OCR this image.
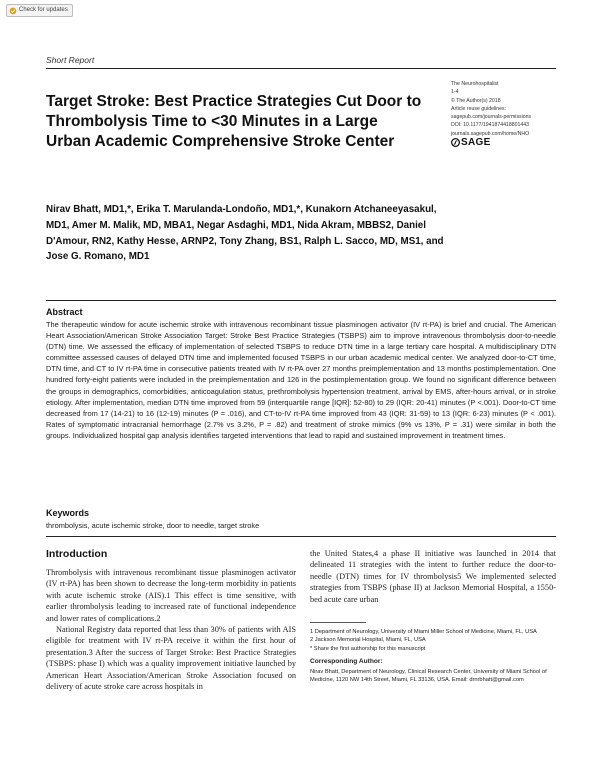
Check for updates
Short Report
The Neurohospitalist
1-4
© The Author(s) 2018
Article reuse guidelines:
sagepub.com/journals-permissions
DOI: 10.1177/1941874418801443
journals.sagepub.com/home/NHO
SAGE
Target Stroke: Best Practice Strategies Cut Door to Thrombolysis Time to <30 Minutes in a Large Urban Academic Comprehensive Stroke Center
Nirav Bhatt, MD1,*, Erika T. Marulanda-Londoño, MD1,*, Kunakorn Atchaneeyasakul, MD1, Amer M. Malik, MD, MBA1, Negar Asdaghi, MD1, Nida Akram, MBBS2, Daniel D'Amour, RN2, Kathy Hesse, ARNP2, Tony Zhang, BS1, Ralph L. Sacco, MD, MS1, and Jose G. Romano, MD1
Abstract

The therapeutic window for acute ischemic stroke with intravenous recombinant tissue plasminogen activator (IV rt-PA) is brief and crucial. The American Heart Association/American Stroke Association Target: Stroke Best Practice Strategies (TSBPS) aim to improve intravenous thrombolysis door-to-needle (DTN) time. We assessed the efficacy of implementation of selected TSBPS to reduce DTN time in a large tertiary care hospital. A multidisciplinary DTN committee assessed causes of delayed DTN time and implemented focused TSBPS in our urban academic medical center. We analyzed door-to-CT time, DTN time, and CT to IV rt-PA time in consecutive patients treated with IV rt-PA over 27 months preimplementation and 13 months postimplementation. One hundred forty-eight patients were included in the preimplementation and 126 in the postimplementation group. We found no significant difference between the groups in demographics, comorbidities, anticoagulation status, prethrombolysis hypertension treatment, arrival by EMS, after-hours arrival, or in stroke etiology. After implementation, median DTN time improved from 59 (interquartile range [IQR]: 52-80) to 29 (IQR: 20-41) minutes (P <.001). Door-to-CT time decreased from 17 (14-21) to 16 (12-19) minutes (P = .016), and CT-to-IV rt-PA time improved from 43 (IQR: 31-59) to 13 (IQR: 6-23) minutes (P < .001). Rates of symptomatic intracranial hemorrhage (2.7% vs 3.2%, P = .82) and treatment of stroke mimics (9% vs 13%, P = .31) were similar in both the groups. Individualized hospital gap analysis identifies targeted interventions that lead to rapid and sustained improvement in treatment times.

Keywords

thrombolysis, acute ischemic stroke, door to needle, target stroke

Introduction

Thrombolysis with intravenous recombinant tissue plasminogen activator (IV rt-PA) has been shown to decrease the long-term morbidity in patients with acute ischemic stroke (AIS).1 This effect is time sensitive, with earlier thrombolysis leading to increased rate of functional independence and lower rates of complications.2

National Registry data reported that less than 30% of patients with AIS eligible for treatment with IV rt-PA receive it within the first hour of presentation.3 After the success of Target Stroke: Best Practice Strategies (TSBPS: phase I) which was a quality improvement initiative launched by American Heart Association/American Stroke Association focused on delivery of acute stroke care across hospitals in

the United States,4 a phase II initiative was launched in 2014 that delineated 11 strategies with the intent to further reduce the door-to-needle (DTN) times for IV thrombolysis5 We implemented selected strategies from TSBPS (phase II) at Jackson Memorial Hospital, a 1550-bed acute care urban

1 Department of Neurology, University of Miami Miller School of Medicine, Miami, FL, USA

2 Jackson Memorial Hospital, Miami, FL, USA

* Share the first authorship for this manuscript

Corresponding Author:

Nirav Bhatt, Department of Neurology, Clinical Research Center, University of Miami School of Medicine, 1120 NW 14th Street, Miami, FL 33136, USA. Email: drnrbhatt@gmail.com
